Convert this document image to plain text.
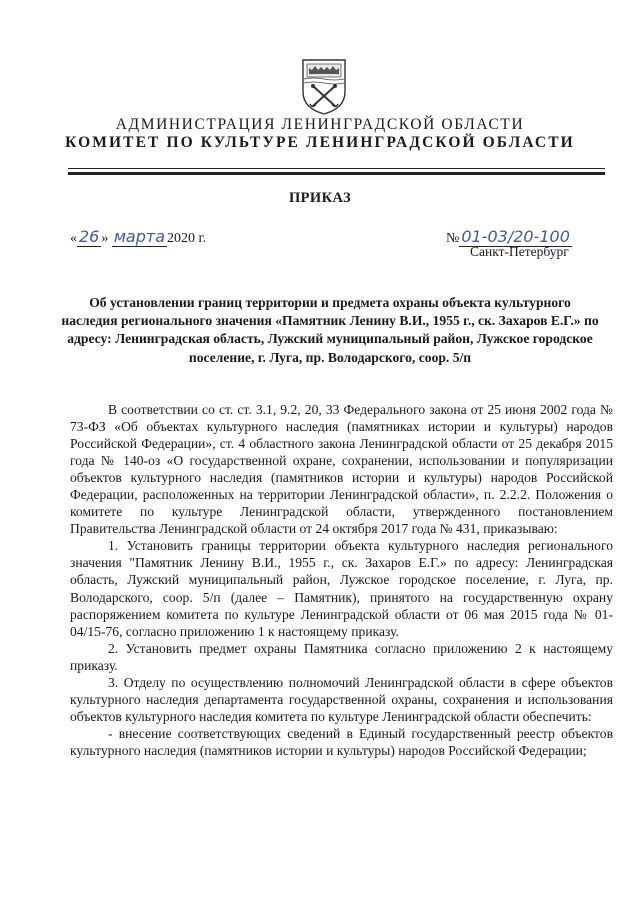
АДМИНИСТРАЦИЯ ЛЕНИНГРАДСКОЙ ОБЛАСТИ
КОМИТЕТ ПО КУЛЬТУРЕ ЛЕНИНГРАДСКОЙ ОБЛАСТИ
ПРИКАЗ
« 26 » марта 2020 г.	№ 01-03/20-100
Санкт-Петербург
Об установлении границ территории и предмета охраны объекта культурного наследия регионального значения «Памятник Ленину В.И., 1955 г., ск. Захаров Е.Г.» по адресу: Ленинградская область, Лужский муниципальный район, Лужское городское поселение, г. Луга, пр. Володарского, соор. 5/п

В соответствии со ст. ст. 3.1, 9.2, 20, 33 Федерального закона от 25 июня 2002 года № 73-ФЗ «Об объектах культурного наследия (памятниках истории и культуры) народов Российской Федерации», ст. 4 областного закона Ленинградской области от 25 декабря 2015 года № 140-оз «О государственной охране, сохранении, использовании и популяризации объектов культурного наследия (памятников истории и культуры) народов Российской Федерации, расположенных на территории Ленинградской области», п. 2.2.2. Положения о комитете по культуре Ленинградской области, утвержденного постановлением Правительства Ленинградской области от 24 октября 2017 года № 431, приказываю:

1. Установить границы территории объекта культурного наследия регионального значения "Памятник Ленину В.И., 1955 г., ск. Захаров Е.Г.» по адресу: Ленинградская область, Лужский муниципальный район, Лужское городское поселение, г. Луга, пр. Володарского, соор. 5/п (далее – Памятник), принятого на государственную охрану распоряжением комитета по культуре Ленинградской области от 06 мая 2015 года № 01-04/15-76, согласно приложению 1 к настоящему приказу.

2. Установить предмет охраны Памятника согласно приложению 2 к настоящему приказу.

3. Отделу по осуществлению полномочий Ленинградской области в сфере объектов культурного наследия департамента государственной охраны, сохранения и использования объектов культурного наследия комитета по культуре Ленинградской области обеспечить:

- внесение соответствующих сведений в Единый государственный реестр объектов культурного наследия (памятников истории и культуры) народов Российской Федерации;
